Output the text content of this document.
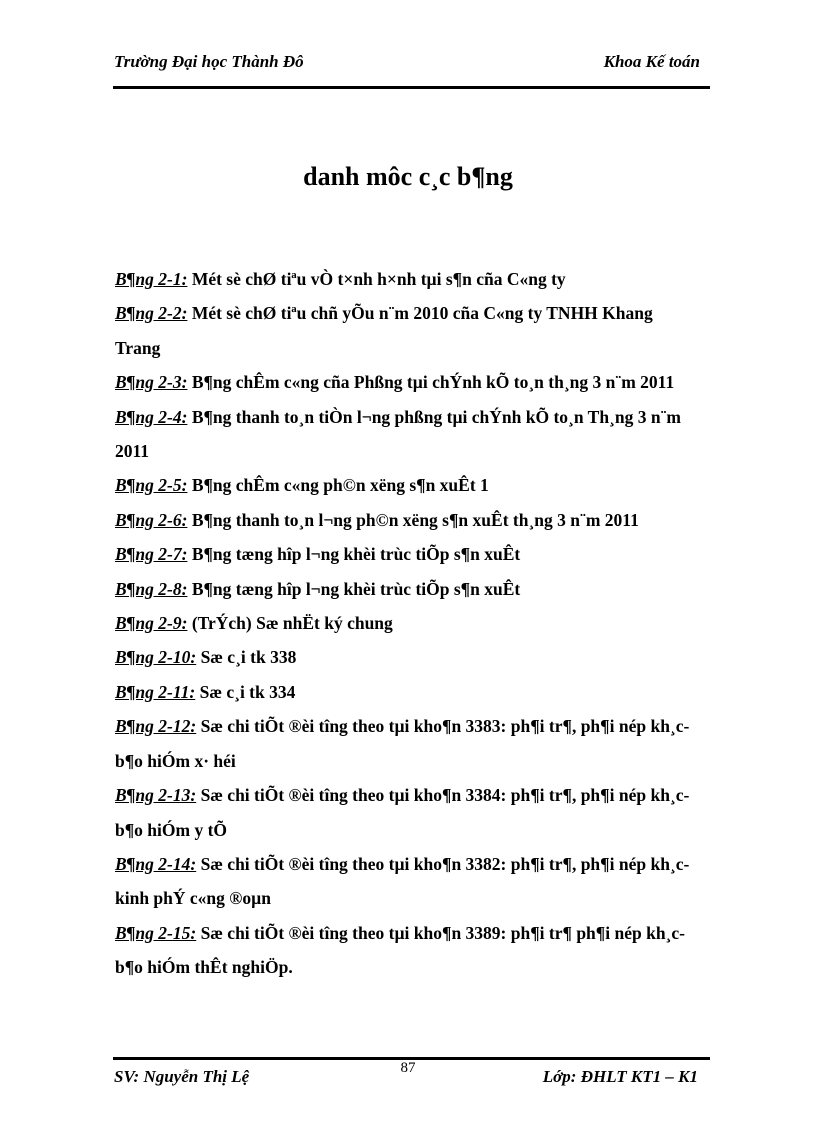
Trường Đại học Thành Đô	Khoa Kế toán
danh môc c¸c b¶ng

B¶ng 2-1: Mét sè chØ tiªu vÒ t×nh h×nh tµi s¶n cña C«ng ty

B¶ng 2-2: Mét sè chØ tiªu chñ yÕu n¨m 2010 cña C«ng ty TNHH Khang Trang

B¶ng 2-3: B¶ng chÊm c«ng cña Phßng tµi chÝnh kÕ to¸n th¸ng 3 n¨m 2011

B¶ng 2-4: B¶ng thanh to¸n tiÒn l¬ng phßng tµi chÝnh kÕ to¸n Th¸ng 3 n¨m 2011

B¶ng 2-5: B¶ng chÊm c«ng ph©n xëng s¶n xuÊt 1

B¶ng 2-6: B¶ng thanh to¸n l¬ng ph©n xëng s¶n xuÊt th¸ng 3 n¨m 2011

B¶ng 2-7: B¶ng tæng hîp l¬ng khèi trùc tiÕp s¶n xuÊt

B¶ng 2-8: B¶ng tæng hîp l¬ng khèi trùc tiÕp s¶n xuÊt

B¶ng 2-9: (TrÝch) Sæ nhËt ký chung

B¶ng 2-10: Sæ c¸i tk 338

B¶ng 2-11: Sæ c¸i tk 334

B¶ng 2-12: Sæ chi tiÕt ®èi tîng theo tµi kho¶n 3383: ph¶i tr¶, ph¶i nép kh¸c- b¶o hiÓm x· héi

B¶ng 2-13: Sæ chi tiÕt ®èi tîng theo tµi kho¶n 3384: ph¶i tr¶, ph¶i nép kh¸c- b¶o hiÓm y tÕ

B¶ng 2-14: Sæ chi tiÕt ®èi tîng theo tµi kho¶n 3382: ph¶i tr¶, ph¶i nép kh¸c- kinh phÝ c«ng ®oµn

B¶ng 2-15: Sæ chi tiÕt ®èi tîng theo tµi kho¶n 3389: ph¶i tr¶ ph¶i nép kh¸c- b¶o hiÓm thÊt nghiÖp.

SV: Nguyễn Thị Lệ	87	Lớp: ĐHLT KT1 – K1
